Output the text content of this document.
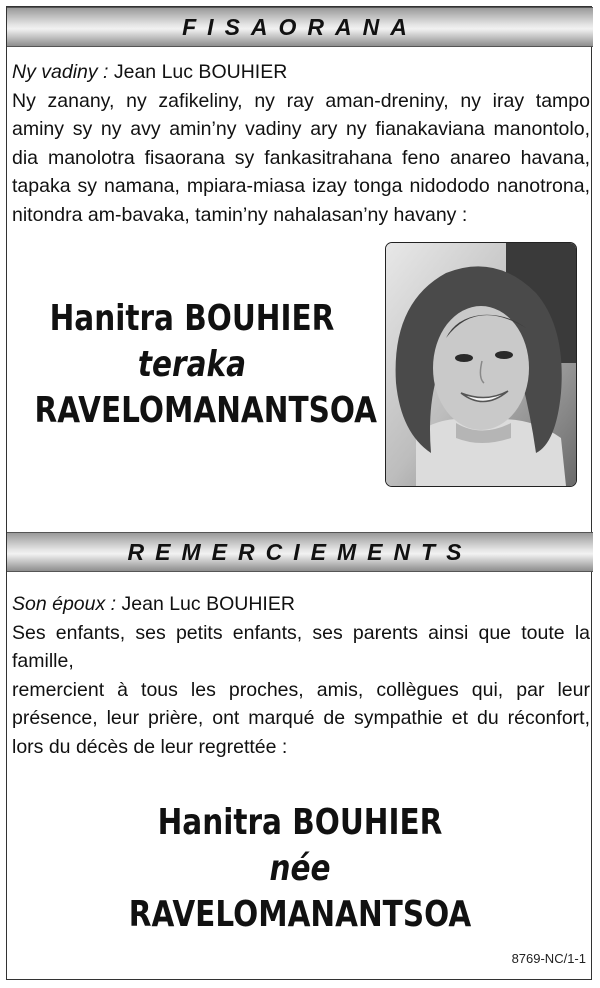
FISAORANA
Ny vadiny : Jean Luc BOUHIER

Ny zanany, ny zafikeliny, ny ray aman-dreniny, ny iray tampo aminy sy ny avy amin’ny vadiny ary ny fianakaviana manontolo, dia manolotra fisaorana sy fankasitrahana feno anareo havana, tapaka sy namana, mpiara-miasa izay tonga nidododo nanotrona, nitondra am-bavaka, tamin’ny nahalasan’ny havany :

Hanitra BOUHIER
teraka
RAVELOMANANTSOA
REMERCIEMENTS
Son époux : Jean Luc BOUHIER

Ses enfants, ses petits enfants, ses parents ainsi que toute la famille,

remercient à tous les proches, amis, collègues qui, par leur présence, leur prière, ont marqué de sympathie et du réconfort, lors du décès de leur regrettée :

Hanitra BOUHIER
née
RAVELOMANANTSOA
8769-NC/1-1
